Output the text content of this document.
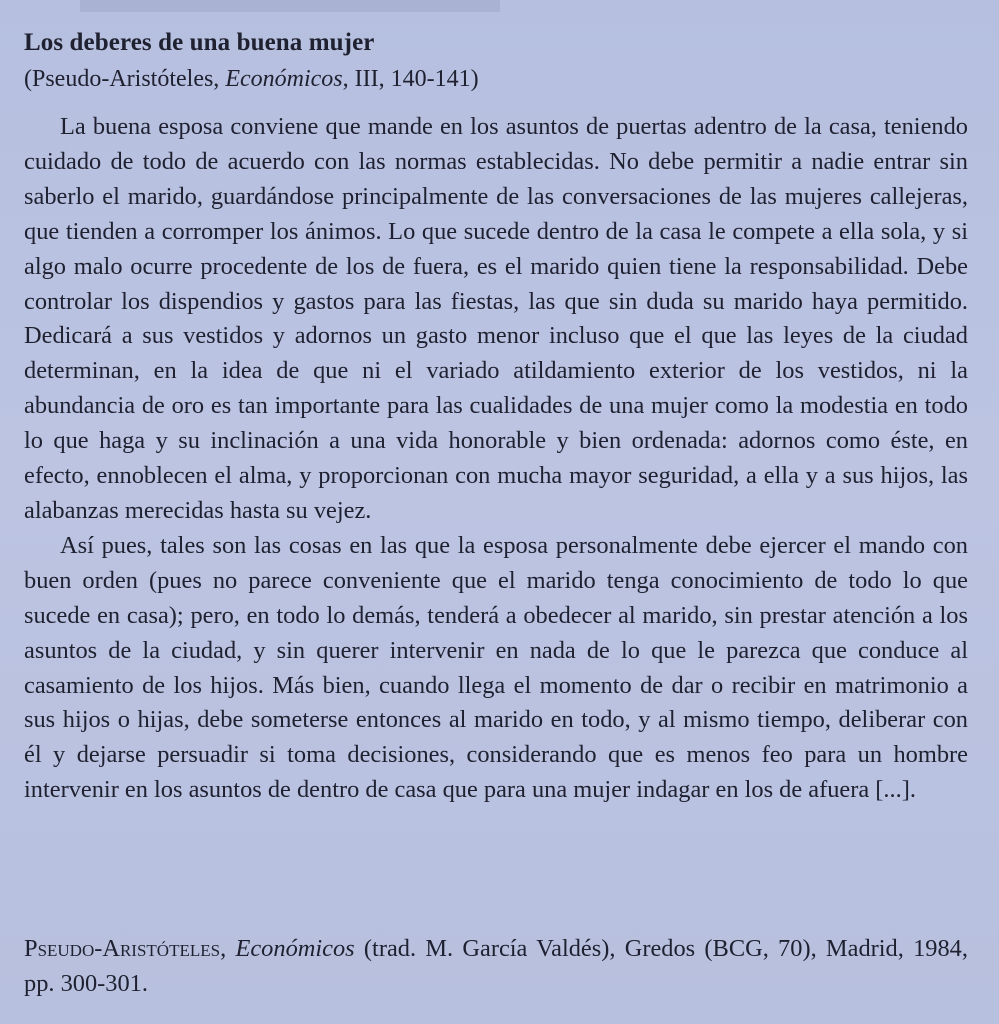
Los deberes de una buena mujer
(Pseudo-Aristóteles, Económicos, III, 140-141)

La buena esposa conviene que mande en los asuntos de puertas adentro de la casa, teniendo cuidado de todo de acuerdo con las normas establecidas. No debe permitir a nadie entrar sin saberlo el marido, guardándose principalmente de las conversaciones de las mujeres callejeras, que tienden a corromper los ánimos. Lo que sucede dentro de la casa le compete a ella sola, y si algo malo ocurre procedente de los de fuera, es el marido quien tiene la responsabilidad. Debe controlar los dispendios y gastos para las fiestas, las que sin duda su marido haya permitido. Dedicará a sus vestidos y adornos un gasto menor incluso que el que las leyes de la ciudad determinan, en la idea de que ni el variado atildamiento exterior de los vestidos, ni la abundancia de oro es tan importante para las cualidades de una mujer como la modestia en todo lo que haga y su inclinación a una vida honorable y bien ordenada: adornos como éste, en efecto, ennoblecen el alma, y proporcionan con mucha mayor seguridad, a ella y a sus hijos, las alabanzas merecidas hasta su vejez.

Así pues, tales son las cosas en las que la esposa personalmente debe ejercer el mando con buen orden (pues no parece conveniente que el marido tenga conocimiento de todo lo que sucede en casa); pero, en todo lo demás, tenderá a obedecer al marido, sin prestar atención a los asuntos de la ciudad, y sin querer intervenir en nada de lo que le parezca que conduce al casamiento de los hijos. Más bien, cuando llega el momento de dar o recibir en matrimonio a sus hijos o hijas, debe someterse entonces al marido en todo, y al mismo tiempo, deliberar con él y dejarse persuadir si toma decisiones, considerando que es menos feo para un hombre intervenir en los asuntos de dentro de casa que para una mujer indagar en los de afuera [...].

Pseudo-Aristóteles, Económicos (trad. M. García Valdés), Gredos (BCG, 70), Madrid, 1984, pp. 300-301.
